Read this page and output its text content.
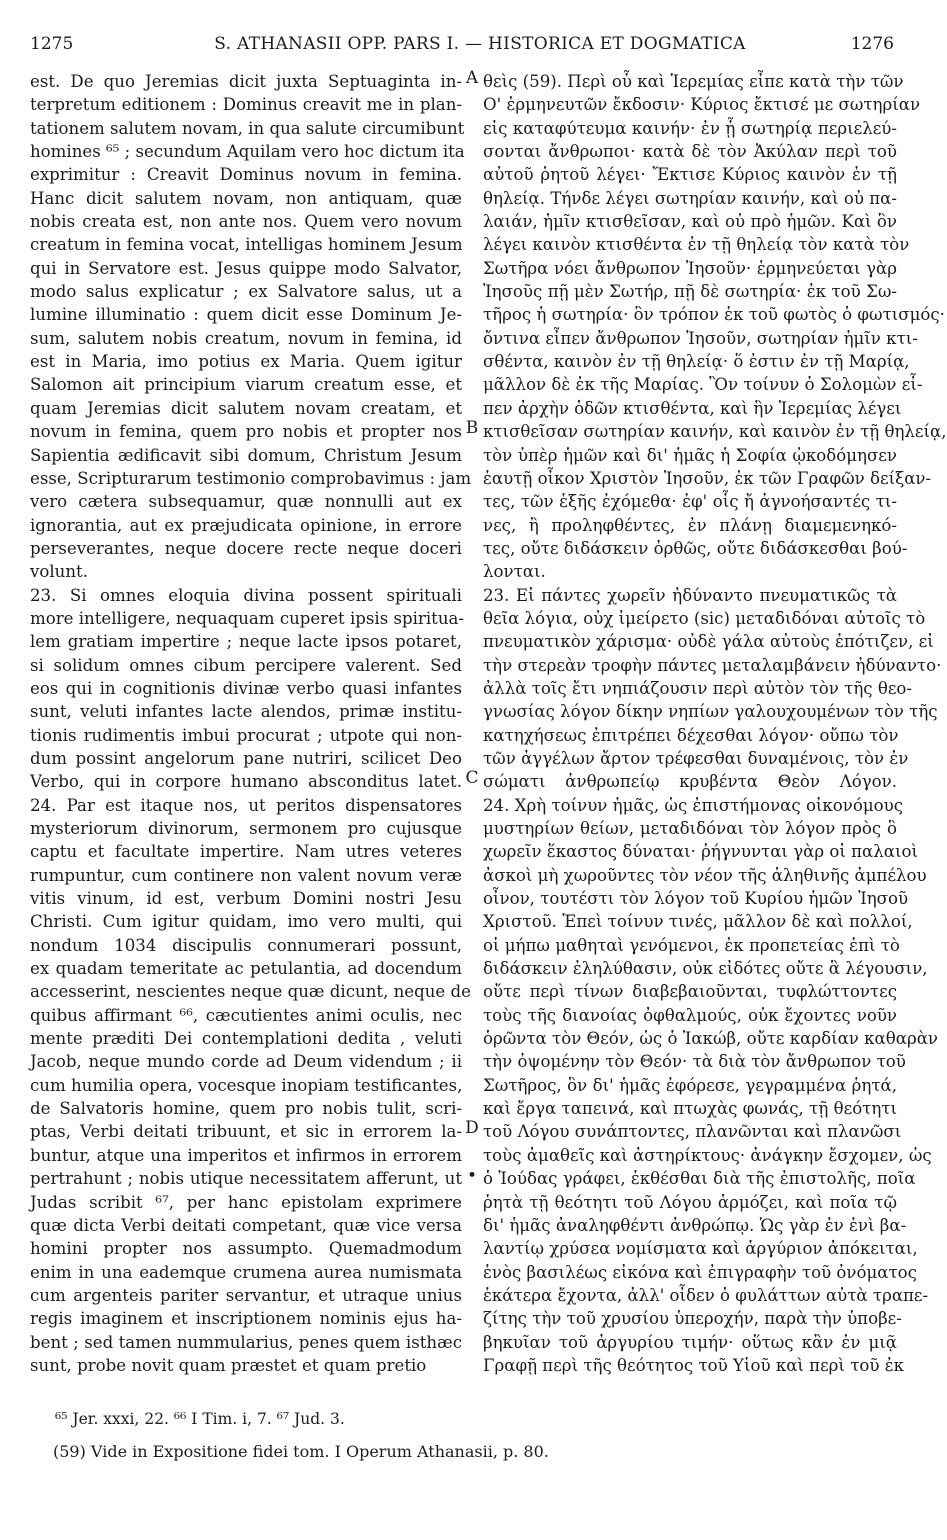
1275	S. ATHANASII OPP. PARS I. — HISTORICA ET DOGMATICA	1276
est. De quo Jeremias dicit juxta Septuaginta in-
terpretum editionem : Dominus creavit me in plan-
tationem salutem novam, in qua salute circumibunt
homines ⁶⁵ ; secundum Aquilam vero hoc dictum ita
exprimitur : Creavit Dominus novum in femina.
Hanc dicit salutem novam, non antiquam, quæ
nobis creata est, non ante nos. Quem vero novum
creatum in femina vocat, intelligas hominem Jesum
qui in Servatore est. Jesus quippe modo Salvator,
modo salus explicatur ; ex Salvatore salus, ut a
lumine illuminatio : quem dicit esse Dominum Je-
sum, salutem nobis creatum, novum in femina, id
est in Maria, imo potius ex Maria. Quem igitur
Salomon ait principium viarum creatum esse, et
quam Jeremias dicit salutem novam creatam, et
novum in femina, quem pro nobis et propter nos
Sapientia ædificavit sibi domum, Christum Jesum
esse, Scripturarum testimonio comprobavimus : jam
vero cætera subsequamur, quæ nonnulli aut ex
ignorantia, aut ex præjudicata opinione, in errore
perseverantes, neque docere recte neque doceri
volunt.
23. Si omnes eloquia divina possent spirituali
more intelligere, nequaquam cuperet ipsis spiritua-
lem gratiam impertire ; neque lacte ipsos potaret,
si solidum omnes cibum percipere valerent. Sed
eos qui in cognitionis divinæ verbo quasi infantes
sunt, veluti infantes lacte alendos, primæ institu-
tionis rudimentis imbui procurat ; utpote qui non-
dum possint angelorum pane nutriri, scilicet Deo
Verbo, qui in corpore humano absconditus latet.
24. Par est itaque nos, ut peritos dispensatores
mysteriorum divinorum, sermonem pro cujusque
captu et facultate impertire. Nam utres veteres
rumpuntur, cum continere non valent novum veræ
vitis vinum, id est, verbum Domini nostri Jesu
Christi. Cum igitur quidam, imo vero multi, qui
nondum 1034 discipulis connumerari possunt,
ex quadam temeritate ac petulantia, ad docendum
accesserint, nescientes neque quæ dicunt, neque de
quibus affirmant ⁶⁶, cæcutientes animi oculis, nec
mente præditi Dei contemplationi dedita , veluti
Jacob, neque mundo corde ad Deum videndum ; ii
cum humilia opera, vocesque inopiam testificantes,
de Salvatoris homine, quem pro nobis tulit, scri-
ptas, Verbi deitati tribuunt, et sic in errorem la-
buntur, atque una imperitos et infirmos in errorem
pertrahunt ; nobis utique necessitatem afferunt, ut
Judas scribit ⁶⁷, per hanc epistolam exprimere
quæ dicta Verbi deitati competant, quæ vice versa
homini propter nos assumpto. Quemadmodum
enim in una eademque crumena aurea numismata
cum argenteis pariter servantur, et utraque unius
regis imaginem et inscriptionem nominis ejus ha-
bent ; sed tamen nummularius, penes quem isthæc
sunt, probe novit quam præstet et quam pretio
θεὶς (59). Περὶ οὗ καὶ Ἱερεμίας εἶπε κατὰ τὴν τῶν
Ο' ἑρμηνευτῶν ἔκδοσιν· Κύριος ἔκτισέ με σωτηρίαν
εἰς καταφύτευμα καινήν· ἐν ᾗ σωτηρίᾳ περιελεύ-
σονται ἄνθρωποι· κατὰ δὲ τὸν Ἀκύλαν περὶ τοῦ
αὐτοῦ ῥητοῦ λέγει· Ἔκτισε Κύριος καινὸν ἐν τῇ
θηλείᾳ. Τήνδε λέγει σωτηρίαν καινήν, καὶ οὐ πα-
λαιάν, ἡμῖν κτισθεῖσαν, καὶ οὐ πρὸ ἡμῶν. Καὶ ὃν
λέγει καινὸν κτισθέντα ἐν τῇ θηλείᾳ τὸν κατὰ τὸν
Σωτῆρα νόει ἄνθρωπον Ἰησοῦν· ἑρμηνεύεται γὰρ
Ἰησοῦς πῇ μὲν Σωτήρ, πῇ δὲ σωτηρία· ἐκ τοῦ Σω-
τῆρος ἡ σωτηρία· ὃν τρόπον ἐκ τοῦ φωτὸς ὁ φωτισμός·
ὄντινα εἶπεν ἄνθρωπον Ἰησοῦν, σωτηρίαν ἡμῖν κτι-
σθέντα, καινὸν ἐν τῇ θηλείᾳ· ὅ ἐστιν ἐν τῇ Μαρίᾳ,
μᾶλλον δὲ ἐκ τῆς Μαρίας. Ὃν τοίνυν ὁ Σολομὼν εἶ-
πεν ἀρχὴν ὁδῶν κτισθέντα, καὶ ἣν Ἱερεμίας λέγει
κτισθεῖσαν σωτηρίαν καινήν, καὶ καινὸν ἐν τῇ θηλείᾳ,
τὸν ὑπὲρ ἡμῶν καὶ δι' ἡμᾶς ἡ Σοφία ᾠκοδόμησεν
ἑαυτῇ οἶκον Χριστὸν Ἰησοῦν, ἐκ τῶν Γραφῶν δείξαν-
τες, τῶν ἑξῆς ἐχόμεθα· ἐφ' οἷς ἤ ἀγνοήσαντές τι-
νες, ἢ προληφθέντες, ἐν πλάνῃ διαμεμενηκό-
τες, οὔτε διδάσκειν ὀρθῶς, οὔτε διδάσκεσθαι βού-
λονται.
23. Εἰ πάντες χωρεῖν ἠδύναντο πνευματικῶς τὰ
θεῖα λόγια, οὐχ ἱμείρετο (sic) μεταδιδόναι αὐτοῖς τὸ
πνευματικὸν χάρισμα· οὐδὲ γάλα αὐτοὺς ἐπότιζεν, εἰ
τὴν στερεὰν τροφὴν πάντες μεταλαμβάνειν ἠδύναντο·
ἀλλὰ τοῖς ἔτι νηπιάζουσιν περὶ αὐτὸν τὸν τῆς θεο-
γνωσίας λόγον δίκην νηπίων γαλουχουμένων τὸν τῆς
κατηχήσεως ἐπιτρέπει δέχεσθαι λόγον· οὔπω τὸν
τῶν ἀγγέλων ἄρτον τρέφεσθαι δυναμένοις, τὸν ἐν
σώματι ἀνθρωπείῳ κρυβέντα Θεὸν Λόγον.
24. Χρὴ τοίνυν ἡμᾶς, ὡς ἐπιστήμονας οἰκονόμους
μυστηρίων θείων, μεταδιδόναι τὸν λόγον πρὸς ὃ
χωρεῖν ἕκαστος δύναται· ῥήγνυνται γὰρ οἱ παλαιοὶ
ἀσκοὶ μὴ χωροῦντες τὸν νέον τῆς ἀληθινῆς ἀμπέλου
οἶνον, τουτέστι τὸν λόγον τοῦ Κυρίου ἡμῶν Ἰησοῦ
Χριστοῦ. Ἐπεὶ τοίνυν τινές, μᾶλλον δὲ καὶ πολλοί,
οἱ μήπω μαθηταὶ γενόμενοι, ἐκ προπετείας ἐπὶ τὸ
διδάσκειν ἐληλύθασιν, οὐκ εἰδότες οὔτε ἃ λέγουσιν,
οὔτε περὶ τίνων διαβεβαιοῦνται, τυφλώττοντες
τοὺς τῆς διανοίας ὀφθαλμούς, οὐκ ἔχοντες νοῦν
ὁρῶντα τὸν Θεόν, ὡς ὁ Ἰακώβ, οὔτε καρδίαν καθαρὰν
τὴν ὀψομένην τὸν Θεόν· τὰ διὰ τὸν ἄνθρωπον τοῦ
Σωτῆρος, ὃν δι' ἡμᾶς ἐφόρεσε, γεγραμμένα ῥητά,
καὶ ἔργα ταπεινά, καὶ πτωχὰς φωνάς, τῇ θεότητι
τοῦ Λόγου συνάπτοντες, πλανῶνται καὶ πλανῶσι
τοὺς ἀμαθεῖς καὶ ἀστηρίκτους· ἀνάγκην ἔσχομεν, ὡς
ὁ Ἰούδας γράφει, ἐκθέσθαι διὰ τῆς ἐπιστολῆς, ποῖα
ῥητὰ τῇ θεότητι τοῦ Λόγου ἁρμόζει, καὶ ποῖα τῷ
δι' ἡμᾶς ἀναληφθέντι ἀνθρώπῳ. Ὡς γὰρ ἐν ἑνὶ βα-
λαντίῳ χρύσεα νομίσματα καὶ ἀργύριον ἀπόκειται,
ἑνὸς βασιλέως εἰκόνα καὶ ἐπιγραφὴν τοῦ ὀνόματος
ἑκάτερα ἔχοντα, ἀλλ' οἶδεν ὁ φυλάττων αὐτὰ τραπε-
ζίτης τὴν τοῦ χρυσίου ὑπεροχήν, παρὰ τὴν ὑποβε-
βηκυῖαν τοῦ ἀργυρίου τιμήν· οὕτως κἂν ἐν μιᾷ
Γραφῇ περὶ τῆς θεότητος τοῦ Υἱοῦ καὶ περὶ τοῦ ἐκ
A
B
C
D
•
⁶⁵ Jer. xxxi, 22. ⁶⁶ I Tim. i, 7. ⁶⁷ Jud. 3.
(59) Vide in Expositione fidei tom. I Operum Athanasii, p. 80.
